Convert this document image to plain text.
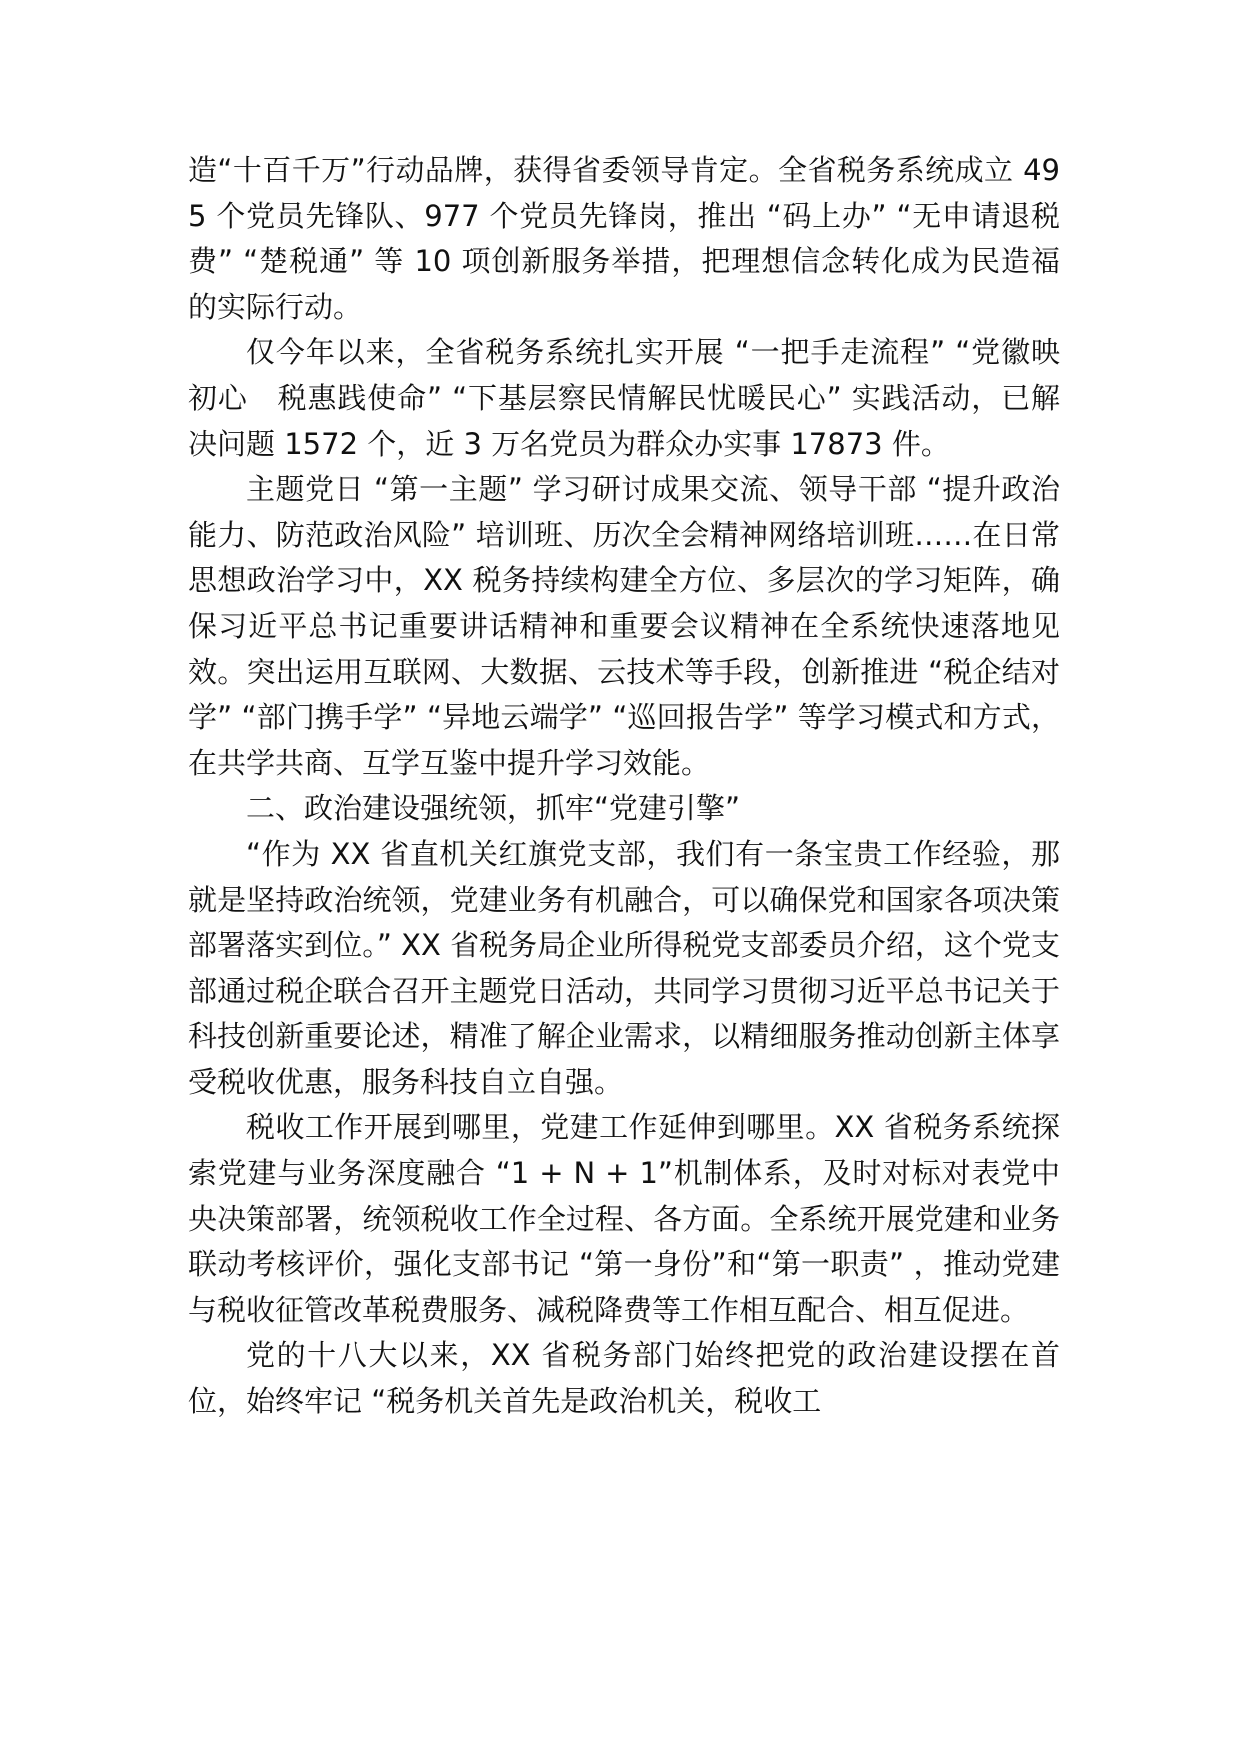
造“十百千万”行动品牌，获得省委领导肯定。全省税务系统成立 495 个党员先锋队、977 个党员先锋岗，推出 “码上办” “无申请退税费” “楚税通” 等 10 项创新服务举措，把理想信念转化成为民造福的实际行动。

仅今年以来，全省税务系统扎实开展 “一把手走流程” “党徽映初心　税惠践使命” “下基层察民情解民忧暖民心” 实践活动，已解决问题 1572 个，近 3 万名党员为群众办实事 17873 件。

主题党日 “第一主题” 学习研讨成果交流、领导干部 “提升政治能力、防范政治风险” 培训班、历次全会精神网络培训班……在日常思想政治学习中，XX 税务持续构建全方位、多层次的学习矩阵，确保习近平总书记重要讲话精神和重要会议精神在全系统快速落地见效。突出运用互联网、大数据、云技术等手段，创新推进 “税企结对学” “部门携手学” “异地云端学” “巡回报告学” 等学习模式和方式，在共学共商、互学互鉴中提升学习效能。

二、政治建设强统领，抓牢“党建引擎”

“作为 XX 省直机关红旗党支部，我们有一条宝贵工作经验，那就是坚持政治统领，党建业务有机融合，可以确保党和国家各项决策部署落实到位。” XX 省税务局企业所得税党支部委员介绍，这个党支部通过税企联合召开主题党日活动，共同学习贯彻习近平总书记关于科技创新重要论述，精准了解企业需求，以精细服务推动创新主体享受税收优惠，服务科技自立自强。

税收工作开展到哪里，党建工作延伸到哪里。XX 省税务系统探索党建与业务深度融合 “1 + N + 1”机制体系，及时对标对表党中央决策部署，统领税收工作全过程、各方面。全系统开展党建和业务联动考核评价，强化支部书记 “第一身份”和“第一职责” ，推动党建与税收征管改革税费服务、减税降费等工作相互配合、相互促进。

党的十八大以来，XX 省税务部门始终把党的政治建设摆在首位，始终牢记 “税务机关首先是政治机关，税收工
